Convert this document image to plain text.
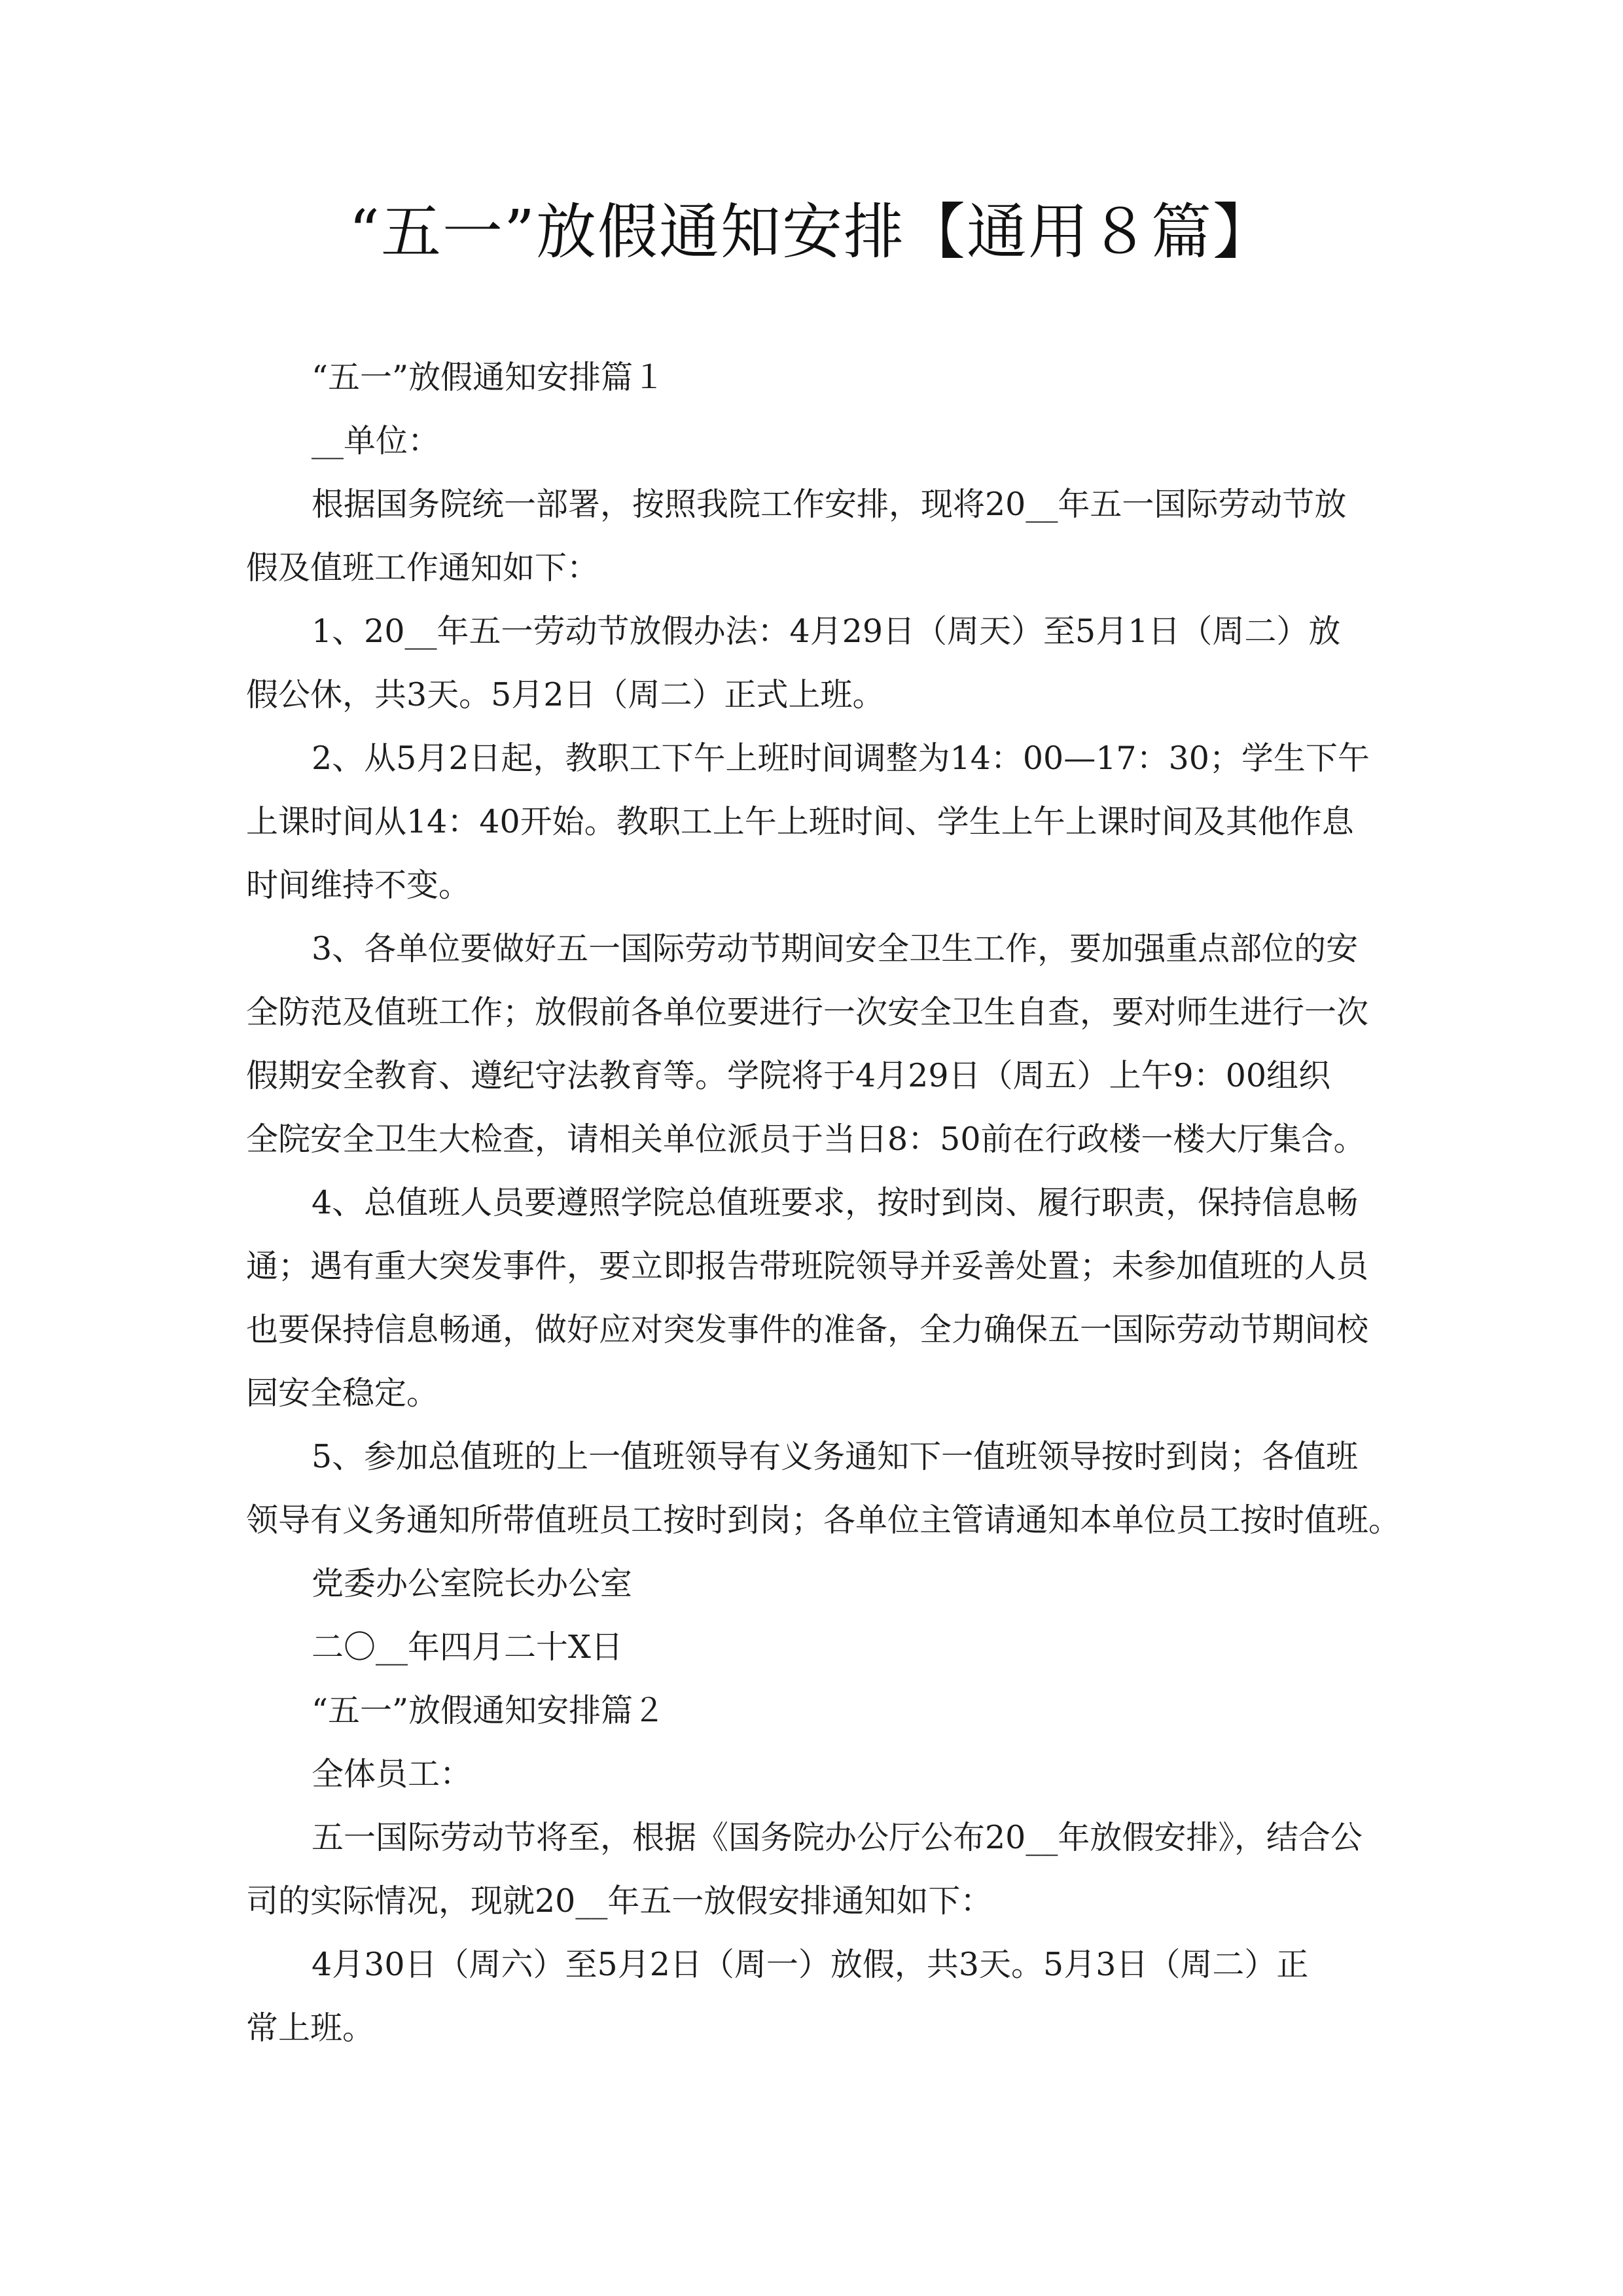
“五一”放假通知安排【通用８篇】
“五一”放假通知安排篇１
__单位：
根据国务院统一部署，按照我院工作安排，现将20__年五一国际劳动节放
假及值班工作通知如下：
1、20__年五一劳动节放假办法：4月29日（周天）至5月1日（周二）放
假公休，共3天。5月2日（周二）正式上班。
2、从5月2日起，教职工下午上班时间调整为14：00—17：30；学生下午
上课时间从14：40开始。教职工上午上班时间、学生上午上课时间及其他作息
时间维持不变。
3、各单位要做好五一国际劳动节期间安全卫生工作，要加强重点部位的安
全防范及值班工作；放假前各单位要进行一次安全卫生自查，要对师生进行一次
假期安全教育、遵纪守法教育等。学院将于4月29日（周五）上午9：00组织
全院安全卫生大检查，请相关单位派员于当日8：50前在行政楼一楼大厅集合。
4、总值班人员要遵照学院总值班要求，按时到岗、履行职责，保持信息畅
通；遇有重大突发事件，要立即报告带班院领导并妥善处置；未参加值班的人员
也要保持信息畅通，做好应对突发事件的准备，全力确保五一国际劳动节期间校
园安全稳定。
5、参加总值班的上一值班领导有义务通知下一值班领导按时到岗；各值班
领导有义务通知所带值班员工按时到岗；各单位主管请通知本单位员工按时值班。
党委办公室院长办公室
二〇__年四月二十X日
“五一”放假通知安排篇２
全体员工：
五一国际劳动节将至，根据《国务院办公厅公布20__年放假安排》，结合公
司的实际情况，现就20__年五一放假安排通知如下：
4月30日（周六）至5月2日（周一）放假，共3天。5月3日（周二）正
常上班。
